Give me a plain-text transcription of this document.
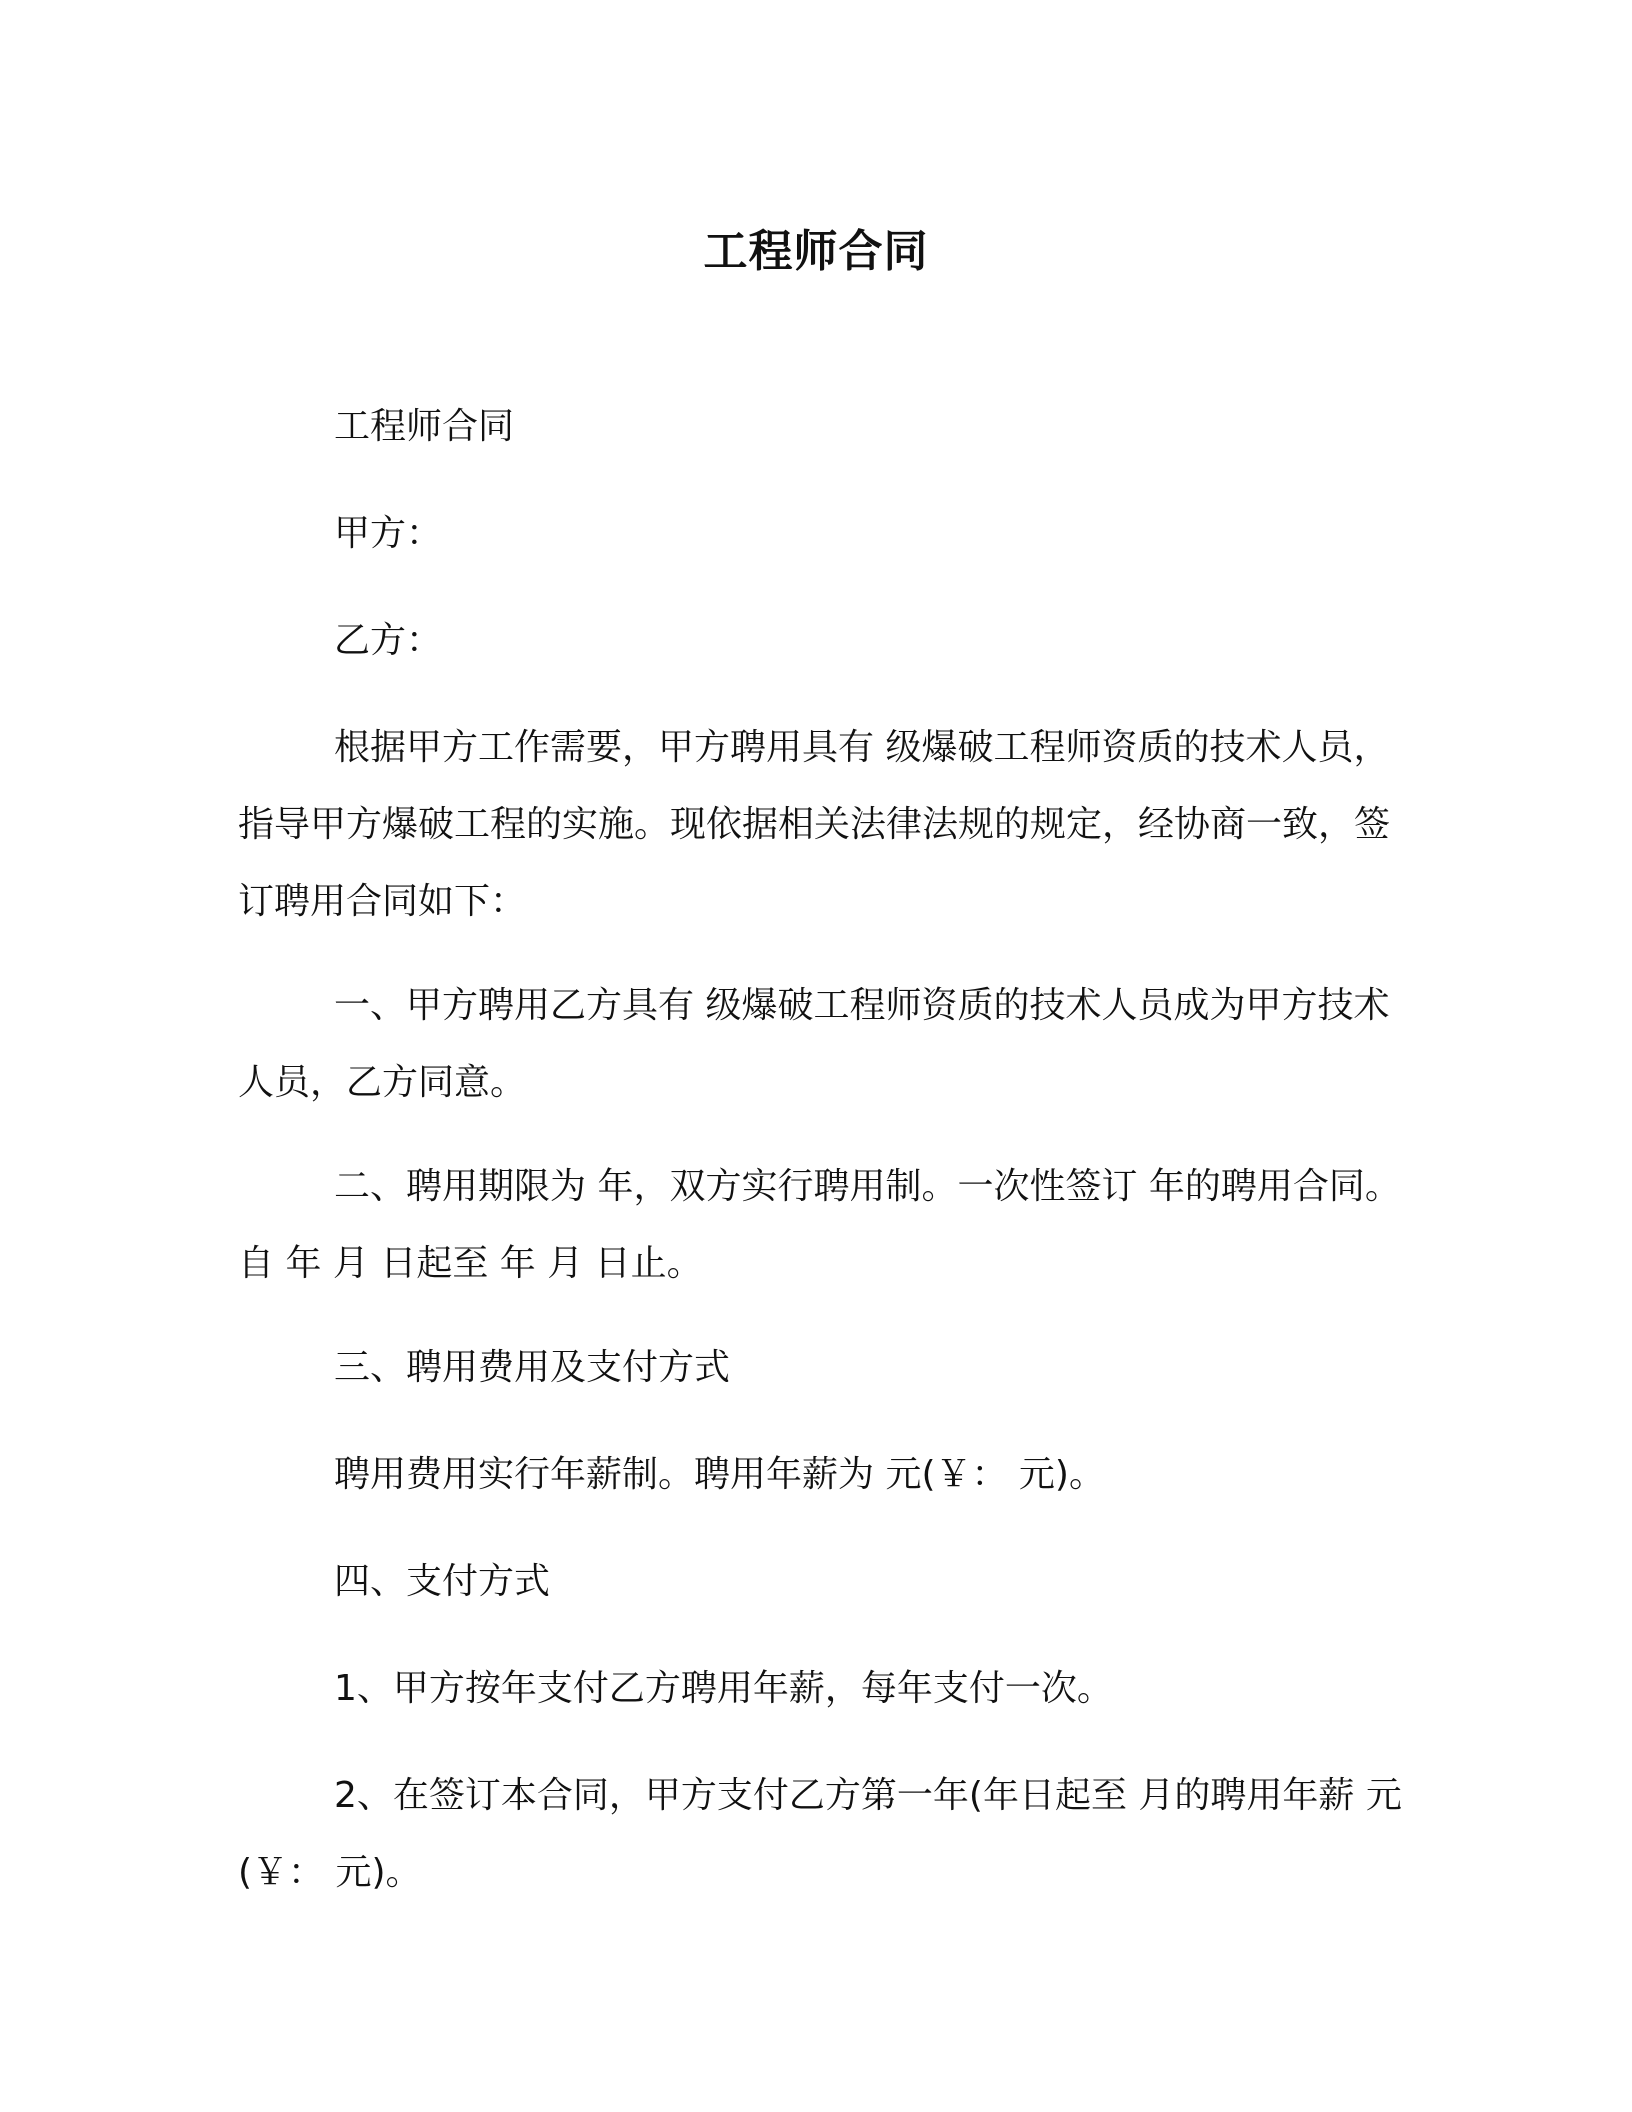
工程师合同

工程师合同

甲方：

乙方：

根据甲方工作需要，甲方聘用具有 级爆破工程师资质的技术人员，指导甲方爆破工程的实施。现依据相关法律法规的规定，经协商一致，签订聘用合同如下：

一、甲方聘用乙方具有 级爆破工程师资质的技术人员成为甲方技术人员，乙方同意。

二、聘用期限为 年，双方实行聘用制。一次性签订 年的聘用合同。 自 年 月 日起至 年 月 日止。

三、聘用费用及支付方式

聘用费用实行年薪制。聘用年薪为 元(￥： 元)。

四、支付方式

1、甲方按年支付乙方聘用年薪，每年支付一次。

2、在签订本合同，甲方支付乙方第一年(年日起至 月的聘用年薪 元(￥： 元)。
